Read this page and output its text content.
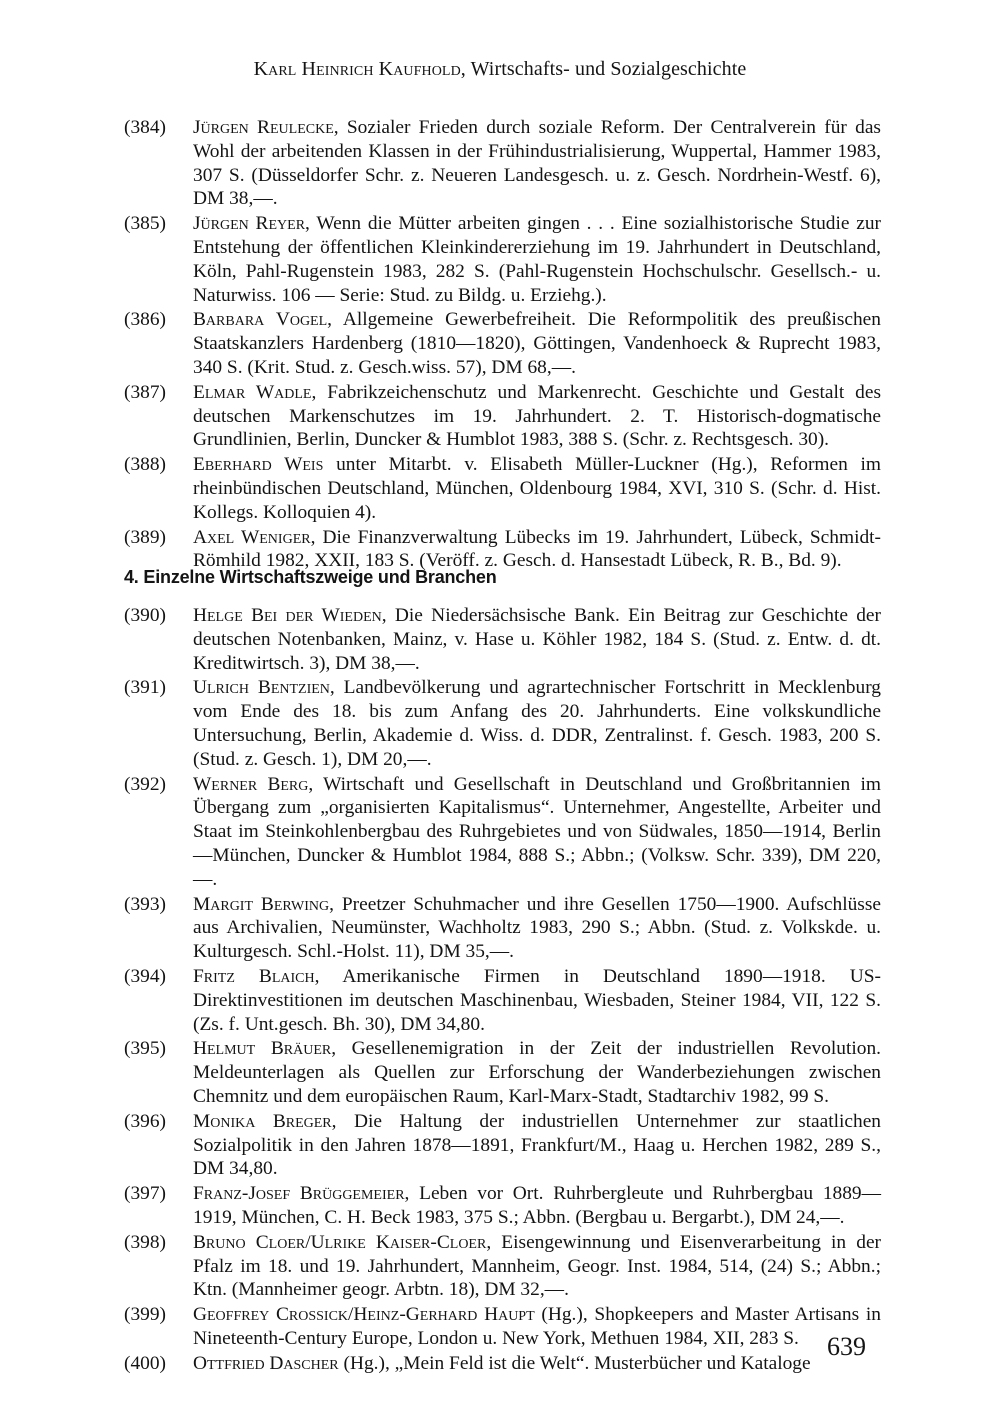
Karl Heinrich Kaufhold, Wirtschafts- und Sozialgeschichte
(384) Jürgen Reulecke, Sozialer Frieden durch soziale Reform. Der Centralverein für das Wohl der arbeitenden Klassen in der Frühindustrialisierung, Wuppertal, Hammer 1983, 307 S. (Düsseldorfer Schr. z. Neueren Landesgesch. u. z. Gesch. Nordrhein-Westf. 6), DM 38,—.
(385) Jürgen Reyer, Wenn die Mütter arbeiten gingen . . . Eine sozialhistorische Studie zur Entstehung der öffentlichen Kleinkindererziehung im 19. Jahrhundert in Deutschland, Köln, Pahl-Rugenstein 1983, 282 S. (Pahl-Rugenstein Hochschulschr. Gesellsch.- u. Naturwiss. 106 — Serie: Stud. zu Bildg. u. Erziehg.).
(386) Barbara Vogel, Allgemeine Gewerbefreiheit. Die Reformpolitik des preußischen Staatskanzlers Hardenberg (1810—1820), Göttingen, Vandenhoeck & Ruprecht 1983, 340 S. (Krit. Stud. z. Gesch.wiss. 57), DM 68,—.
(387) Elmar Wadle, Fabrikzeichenschutz und Markenrecht. Geschichte und Gestalt des deutschen Markenschutzes im 19. Jahrhundert. 2. T. Historisch-dogmatische Grundlinien, Berlin, Duncker & Humblot 1983, 388 S. (Schr. z. Rechtsgesch. 30).
(388) Eberhard Weis unter Mitarbt. v. Elisabeth Müller-Luckner (Hg.), Reformen im rheinbündischen Deutschland, München, Oldenbourg 1984, XVI, 310 S. (Schr. d. Hist. Kollegs. Kolloquien 4).
(389) Axel Weniger, Die Finanzverwaltung Lübecks im 19. Jahrhundert, Lübeck, Schmidt-Römhild 1982, XXII, 183 S. (Veröff. z. Gesch. d. Hansestadt Lübeck, R. B., Bd. 9).
4. Einzelne Wirtschaftszweige und Branchen
(390) Helge Bei der Wieden, Die Niedersächsische Bank. Ein Beitrag zur Geschichte der deutschen Notenbanken, Mainz, v. Hase u. Köhler 1982, 184 S. (Stud. z. Entw. d. dt. Kreditwirtsch. 3), DM 38,—.
(391) Ulrich Bentzien, Landbevölkerung und agrartechnischer Fortschritt in Mecklenburg vom Ende des 18. bis zum Anfang des 20. Jahrhunderts. Eine volkskundliche Untersuchung, Berlin, Akademie d. Wiss. d. DDR, Zentralinst. f. Gesch. 1983, 200 S. (Stud. z. Gesch. 1), DM 20,—.
(392) Werner Berg, Wirtschaft und Gesellschaft in Deutschland und Großbritannien im Übergang zum „organisierten Kapitalismus“. Unternehmer, Angestellte, Arbeiter und Staat im Steinkohlenbergbau des Ruhrgebietes und von Südwales, 1850—1914, Berlin—München, Duncker & Humblot 1984, 888 S.; Abbn.; (Volksw. Schr. 339), DM 220,—.
(393) Margit Berwing, Preetzer Schuhmacher und ihre Gesellen 1750—1900. Aufschlüsse aus Archivalien, Neumünster, Wachholtz 1983, 290 S.; Abbn. (Stud. z. Volkskde. u. Kulturgesch. Schl.-Holst. 11), DM 35,—.
(394) Fritz Blaich, Amerikanische Firmen in Deutschland 1890—1918. US-Direktinvestitionen im deutschen Maschinenbau, Wiesbaden, Steiner 1984, VII, 122 S. (Zs. f. Unt.gesch. Bh. 30), DM 34,80.
(395) Helmut Bräuer, Gesellenemigration in der Zeit der industriellen Revolution. Meldeunterlagen als Quellen zur Erforschung der Wanderbeziehungen zwischen Chemnitz und dem europäischen Raum, Karl-Marx-Stadt, Stadtarchiv 1982, 99 S.
(396) Monika Breger, Die Haltung der industriellen Unternehmer zur staatlichen Sozialpolitik in den Jahren 1878—1891, Frankfurt/M., Haag u. Herchen 1982, 289 S., DM 34,80.
(397) Franz-Josef Brüggemeier, Leben vor Ort. Ruhrbergleute und Ruhrbergbau 1889—1919, München, C. H. Beck 1983, 375 S.; Abbn. (Bergbau u. Bergarbt.), DM 24,—.
(398) Bruno Cloer/Ulrike Kaiser-Cloer, Eisengewinnung und Eisenverarbeitung in der Pfalz im 18. und 19. Jahrhundert, Mannheim, Geogr. Inst. 1984, 514, (24) S.; Abbn.; Ktn. (Mannheimer geogr. Arbtn. 18), DM 32,—.
(399) Geoffrey Crossick/Heinz-Gerhard Haupt (Hg.), Shopkeepers and Master Artisans in Nineteenth-Century Europe, London u. New York, Methuen 1984, XII, 283 S.
(400) Ottfried Dascher (Hg.), „Mein Feld ist die Welt“. Musterbücher und Kataloge
639
